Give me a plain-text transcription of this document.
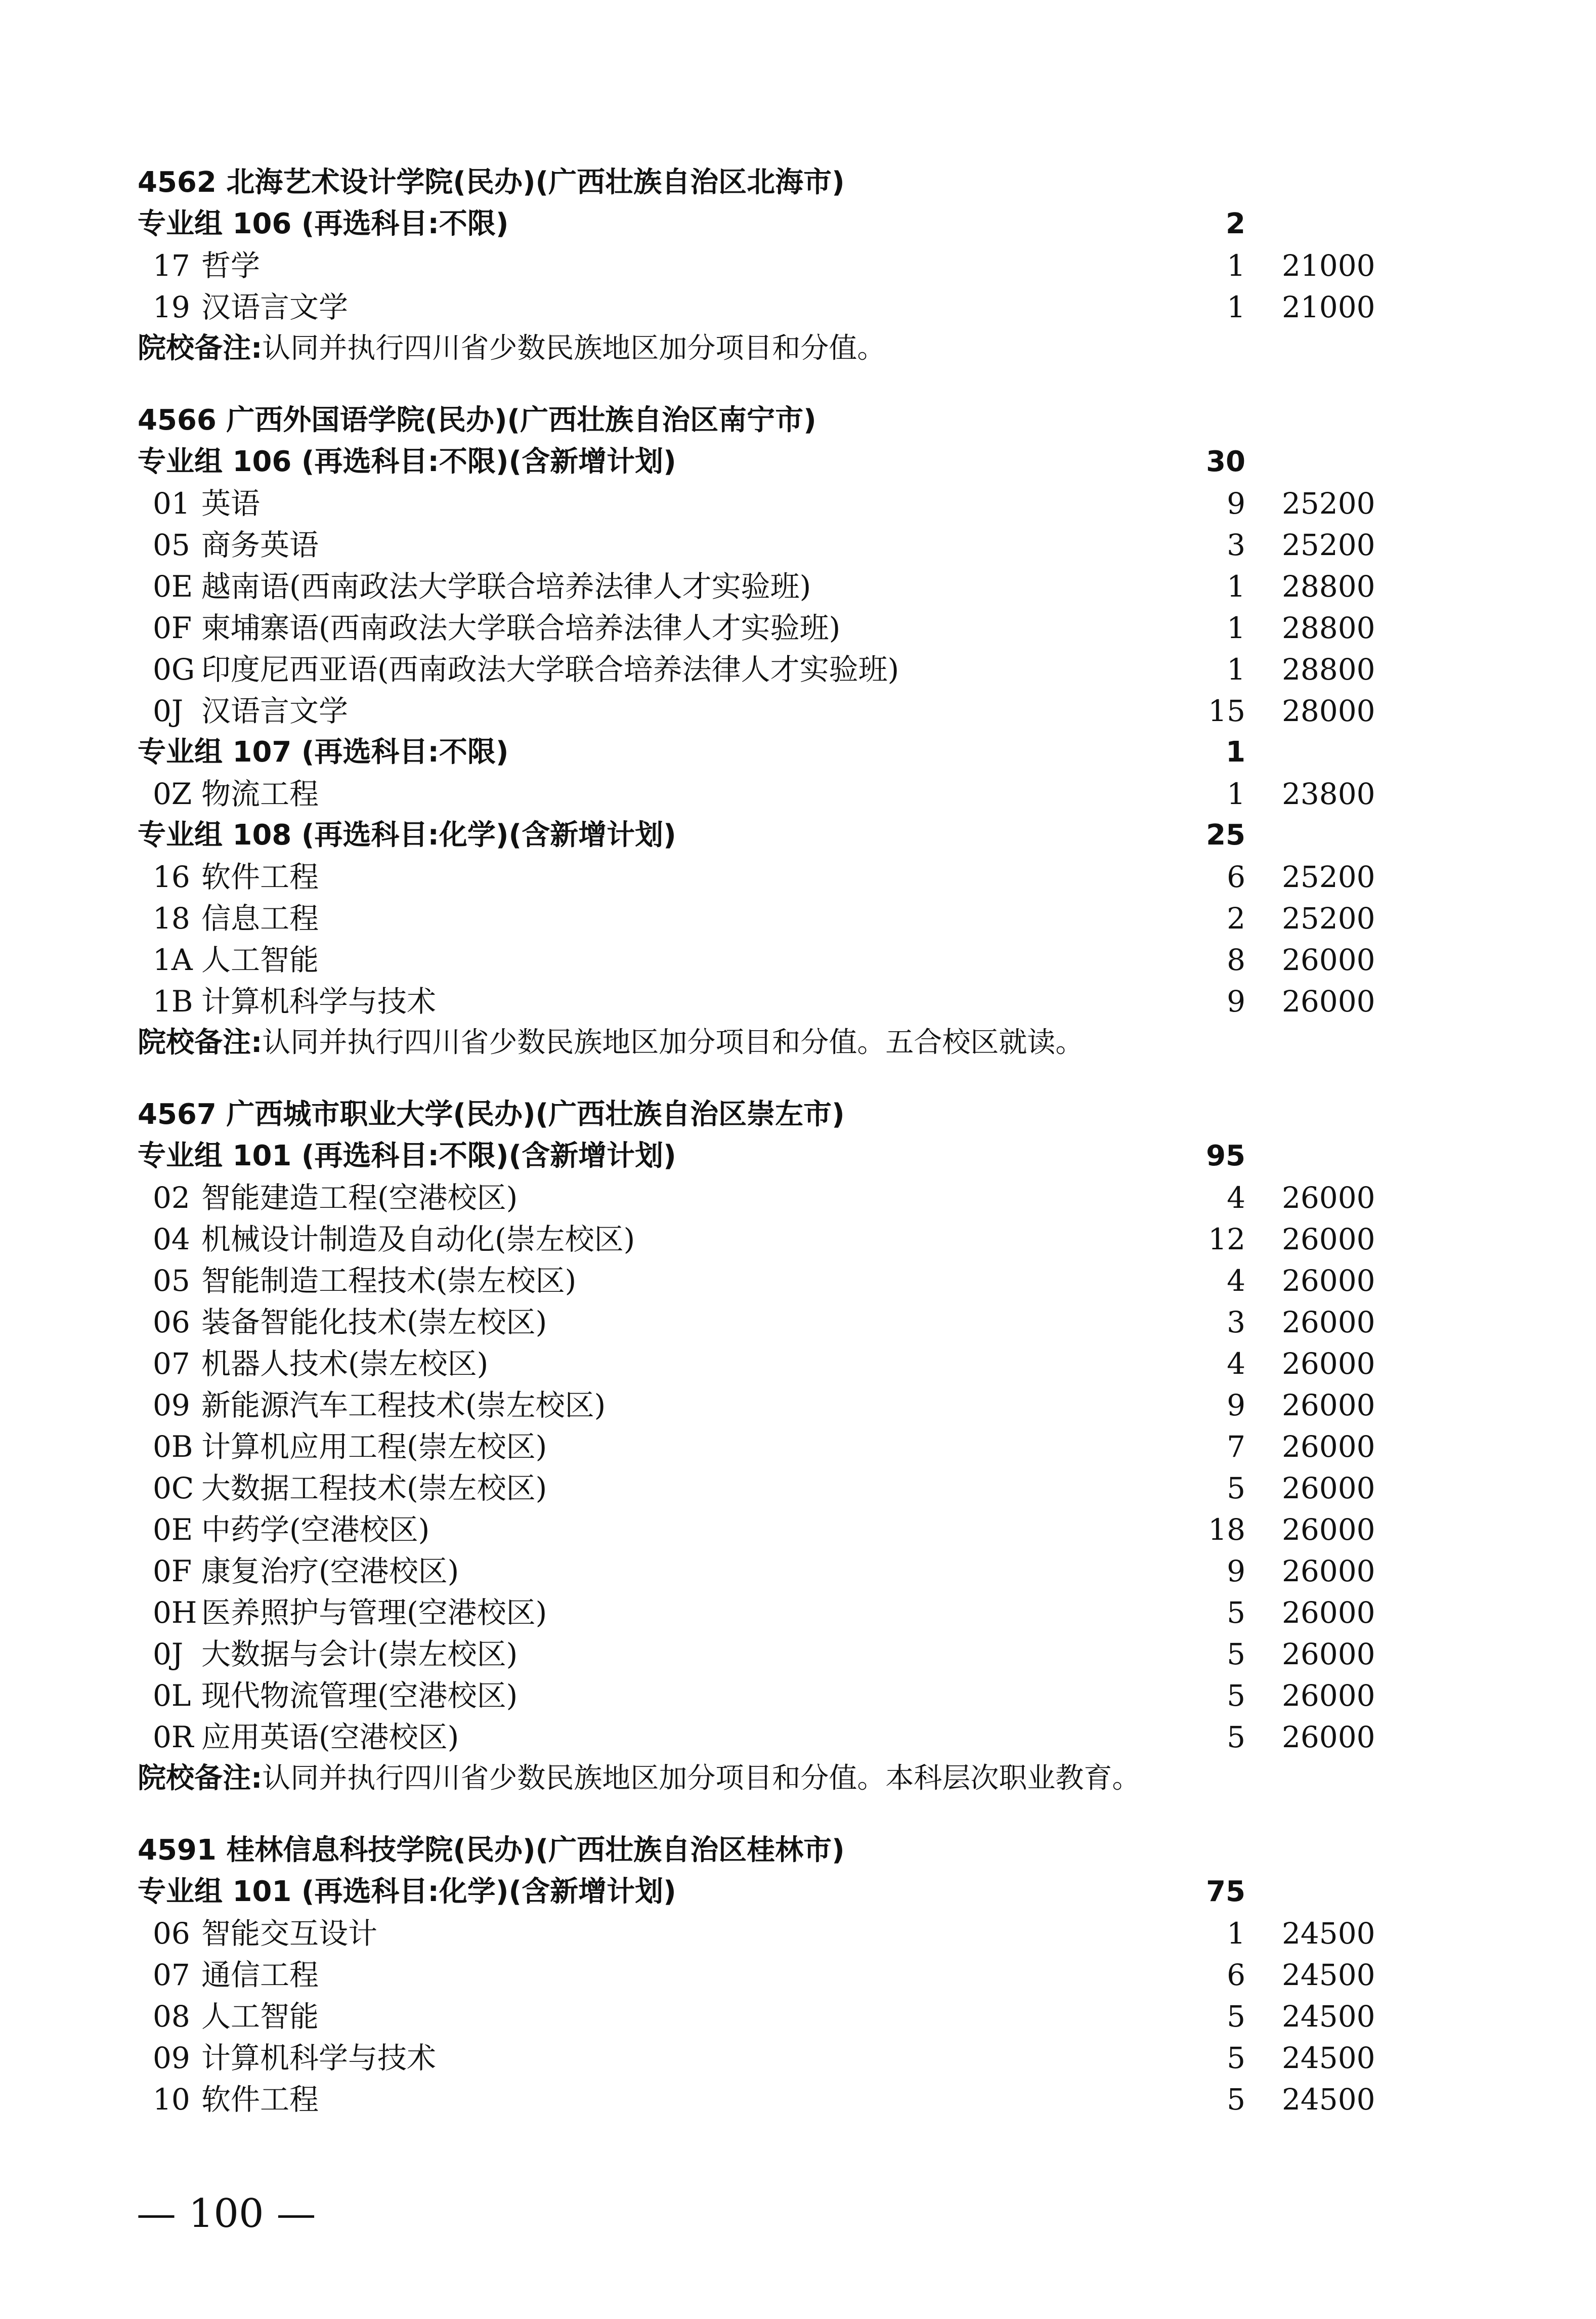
4562 北海艺术设计学院(民办)(广西壮族自治区北海市)
专业组 106 (再选科目:不限)	2
17 哲学	1 21000
19 汉语言文学	1 21000
院校备注:认同并执行四川省少数民族地区加分项目和分值。
4566 广西外国语学院(民办)(广西壮族自治区南宁市)
专业组 106 (再选科目:不限)(含新增计划)	30
01 英语	9 25200
05 商务英语	3 25200
0E 越南语(西南政法大学联合培养法律人才实验班)	1 28800
0F 柬埔寨语(西南政法大学联合培养法律人才实验班)	1 28800
0G 印度尼西亚语(西南政法大学联合培养法律人才实验班)	1 28800
0J 汉语言文学	15 28000
专业组 107 (再选科目:不限)	1
0Z 物流工程	1 23800
专业组 108 (再选科目:化学)(含新增计划)	25
16 软件工程	6 25200
18 信息工程	2 25200
1A 人工智能	8 26000
1B 计算机科学与技术	9 26000
院校备注:认同并执行四川省少数民族地区加分项目和分值。五合校区就读。
4567 广西城市职业大学(民办)(广西壮族自治区崇左市)
专业组 101 (再选科目:不限)(含新增计划)	95
02 智能建造工程(空港校区)	4 26000
04 机械设计制造及自动化(崇左校区)	12 26000
05 智能制造工程技术(崇左校区)	4 26000
06 装备智能化技术(崇左校区)	3 26000
07 机器人技术(崇左校区)	4 26000
09 新能源汽车工程技术(崇左校区)	9 26000
0B 计算机应用工程(崇左校区)	7 26000
0C 大数据工程技术(崇左校区)	5 26000
0E 中药学(空港校区)	18 26000
0F 康复治疗(空港校区)	9 26000
0H 医养照护与管理(空港校区)	5 26000
0J 大数据与会计(崇左校区)	5 26000
0L 现代物流管理(空港校区)	5 26000
0R 应用英语(空港校区)	5 26000
院校备注:认同并执行四川省少数民族地区加分项目和分值。本科层次职业教育。
4591 桂林信息科技学院(民办)(广西壮族自治区桂林市)
专业组 101 (再选科目:化学)(含新增计划)	75
06 智能交互设计	1 24500
07 通信工程	6 24500
08 人工智能	5 24500
09 计算机科学与技术	5 24500
10 软件工程	5 24500
— 100 —
